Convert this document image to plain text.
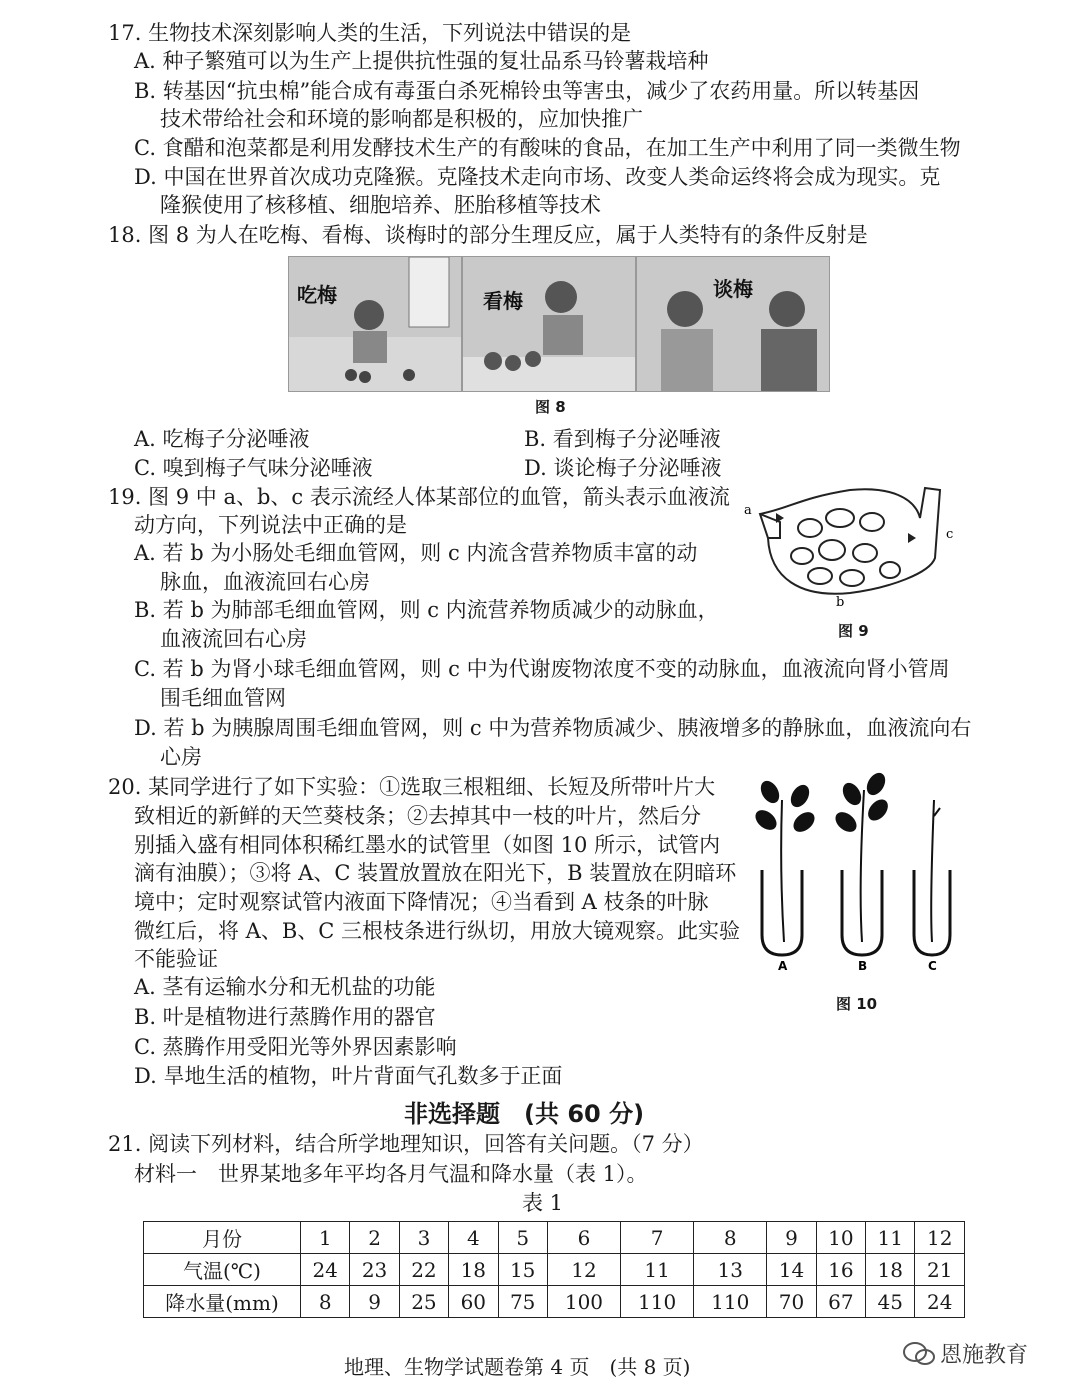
17. 生物技术深刻影响人类的生活，下列说法中错误的是
A. 种子繁殖可以为生产上提供抗性强的复壮品系马铃薯栽培种
B. 转基因“抗虫棉”能合成有毒蛋白杀死棉铃虫等害虫，减少了农药用量。所以转基因
技术带给社会和环境的影响都是积极的，应加快推广
C. 食醋和泡菜都是利用发酵技术生产的有酸味的食品，在加工生产中利用了同一类微生物
D. 中国在世界首次成功克隆猴。克隆技术走向市场、改变人类命运终将会成为现实。克
隆猴使用了核移植、细胞培养、胚胎移植等技术
18. 图 8 为人在吃梅、看梅、谈梅时的部分生理反应，属于人类特有的条件反射是
吃梅	看梅	谈梅
图 8
A. 吃梅子分泌唾液	B. 看到梅子分泌唾液
C. 嗅到梅子气味分泌唾液	D. 谈论梅子分泌唾液
19. 图 9 中 a、b、c 表示流经人体某部位的血管，箭头表示血液流
动方向，下列说法中正确的是
A. 若 b 为小肠处毛细血管网，则 c 内流含营养物质丰富的动
脉血，血液流回右心房
B. 若 b 为肺部毛细血管网，则 c 内流营养物质减少的动脉血，
血液流回右心房
C. 若 b 为肾小球毛细血管网，则 c 中为代谢废物浓度不变的动脉血，血液流向肾小管周
围毛细血管网
D. 若 b 为胰腺周围毛细血管网，则 c 中为营养物质减少、胰液增多的静脉血，血液流向右
心房
a
b
c
图 9
20. 某同学进行了如下实验：①选取三根粗细、长短及所带叶片大
致相近的新鲜的天竺葵枝条；②去掉其中一枝的叶片，然后分
别插入盛有相同体积稀红墨水的试管里（如图 10 所示，试管内
滴有油膜）；③将 A、C 装置放置放在阳光下，B 装置放在阴暗环
境中；定时观察试管内液面下降情况；④当看到 A 枝条的叶脉
微红后，将 A、B、C 三根枝条进行纵切，用放大镜观察。此实验
不能验证
A. 茎有运输水分和无机盐的功能
B. 叶是植物进行蒸腾作用的器官
C. 蒸腾作用受阳光等外界因素影响
D. 旱地生活的植物，叶片背面气孔数多于正面
A	B	C
图 10
非选择题　(共 60 分)
21. 阅读下列材料，结合所学地理知识，回答有关问题。（7 分）
材料一　世界某地多年平均各月气温和降水量（表 1）。
表 1
月份	1	2	3	4	5	6	7	8	9	10	11	12
气温(℃)	24	23	22	18	15	12	11	13	14	16	18	21
降水量(mm)	8	9	25	60	75	100	110	110	70	67	45	24
地理、生物学试题卷第 4 页　(共 8 页)	恩施教育
